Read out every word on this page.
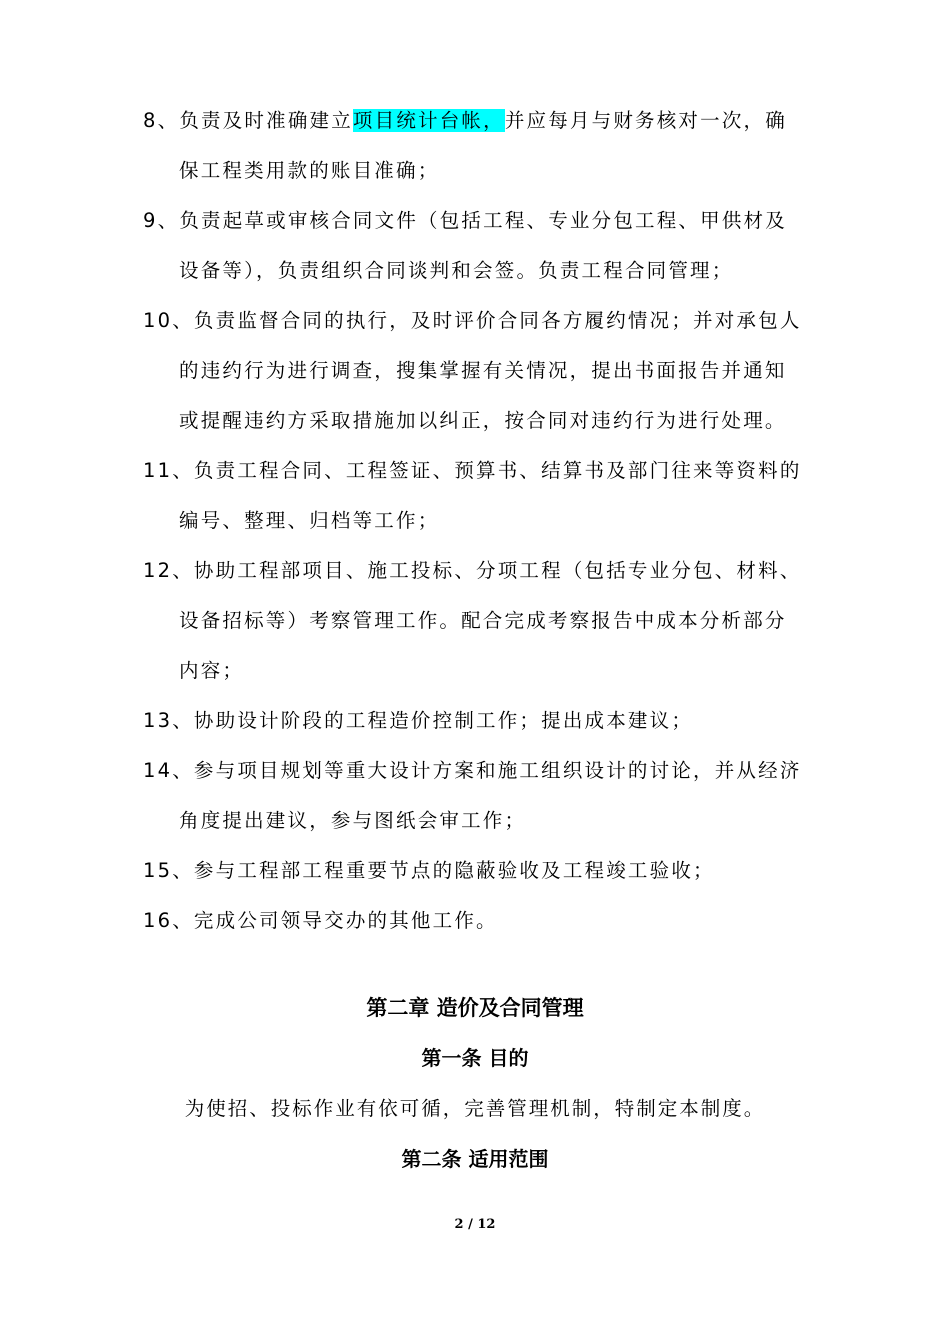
8、负责及时准确建立项目统计台帐，并应每月与财务核对一次，确
保工程类用款的账目准确；
9、负责起草或审核合同文件（包括工程、专业分包工程、甲供材及
设备等），负责组织合同谈判和会签。负责工程合同管理；
10、负责监督合同的执行，及时评价合同各方履约情况；并对承包人
的违约行为进行调查，搜集掌握有关情况，提出书面报告并通知
或提醒违约方采取措施加以纠正，按合同对违约行为进行处理。
11、负责工程合同、工程签证、预算书、结算书及部门往来等资料的
编号、整理、归档等工作；
12、协助工程部项目、施工投标、分项工程（包括专业分包、材料、
设备招标等）考察管理工作。配合完成考察报告中成本分析部分
内容；
13、协助设计阶段的工程造价控制工作；提出成本建议；
14、参与项目规划等重大设计方案和施工组织设计的讨论，并从经济
角度提出建议，参与图纸会审工作；
15、参与工程部工程重要节点的隐蔽验收及工程竣工验收；
16、完成公司领导交办的其他工作。
第二章 造价及合同管理
第一条 目的
为使招、投标作业有依可循，完善管理机制，特制定本制度。
第二条 适用范围
2 / 12
